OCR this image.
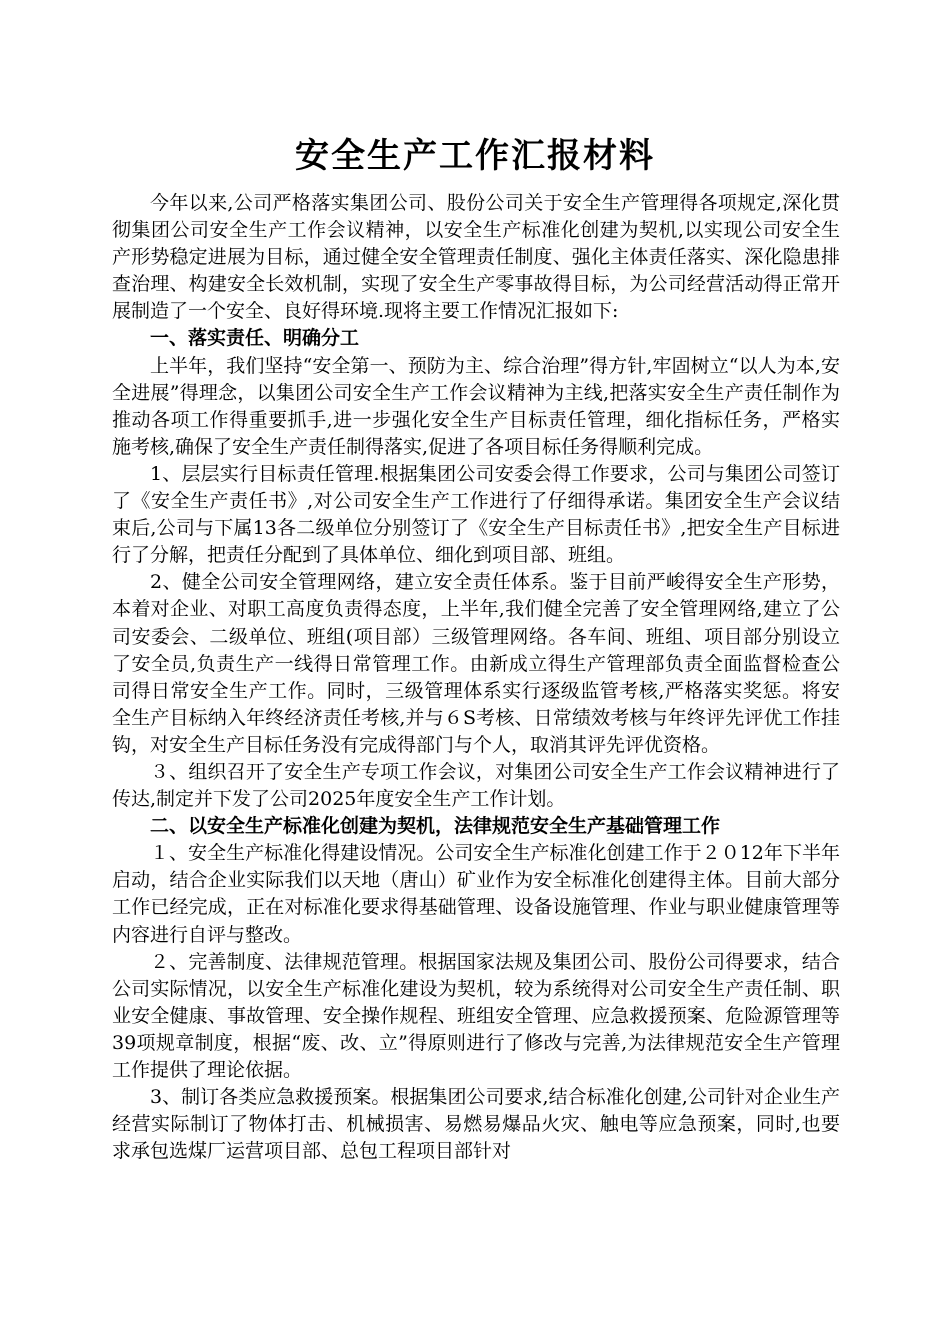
安全生产工作汇报材料

今年以来,公司严格落实集团公司、股份公司关于安全生产管理得各项规定,深化贯彻集团公司安全生产工作会议精神，以安全生产标准化创建为契机,以实现公司安全生产形势稳定进展为目标，通过健全安全管理责任制度、强化主体责任落实、深化隐患排查治理、构建安全长效机制，实现了安全生产零事故得目标，为公司经营活动得正常开展制造了一个安全、良好得环境.现将主要工作情况汇报如下:

一、落实责任、明确分工

上半年，我们坚持“安全第一、预防为主、综合治理”得方针,牢固树立“以人为本,安全进展”得理念，以集团公司安全生产工作会议精神为主线,把落实安全生产责任制作为推动各项工作得重要抓手,进一步强化安全生产目标责任管理，细化指标任务，严格实施考核,确保了安全生产责任制得落实,促进了各项目标任务得顺利完成。

1、层层实行目标责任管理.根据集团公司安委会得工作要求，公司与集团公司签订了《安全生产责任书》,对公司安全生产工作进行了仔细得承诺。集团安全生产会议结束后,公司与下属13各二级单位分别签订了《安全生产目标责任书》,把安全生产目标进行了分解，把责任分配到了具体单位、细化到项目部、班组。

2、健全公司安全管理网络，建立安全责任体系。鉴于目前严峻得安全生产形势，本着对企业、对职工高度负责得态度，上半年,我们健全完善了安全管理网络,建立了公司安委会、二级单位、班组(项目部）三级管理网络。各车间、班组、项目部分别设立了安全员,负责生产一线得日常管理工作。由新成立得生产管理部负责全面监督检查公司得日常安全生产工作。同时，三级管理体系实行逐级监管考核,严格落实奖惩。将安全生产目标纳入年终经济责任考核,并与６S考核、日常绩效考核与年终评先评优工作挂钩，对安全生产目标任务没有完成得部门与个人，取消其评先评优资格。

３、组织召开了安全生产专项工作会议，对集团公司安全生产工作会议精神进行了传达,制定并下发了公司2025年度安全生产工作计划。

二、以安全生产标准化创建为契机，法律规范安全生产基础管理工作

１、安全生产标准化得建设情况。公司安全生产标准化创建工作于２０12年下半年启动，结合企业实际我们以天地（唐山）矿业作为安全标准化创建得主体。目前大部分工作已经完成，正在对标准化要求得基础管理、设备设施管理、作业与职业健康管理等内容进行自评与整改。

２、完善制度、法律规范管理。根据国家法规及集团公司、股份公司得要求，结合公司实际情况，以安全生产标准化建设为契机，较为系统得对公司安全生产责任制、职业安全健康、事故管理、安全操作规程、班组安全管理、应急救援预案、危险源管理等39项规章制度，根据“废、改、立”得原则进行了修改与完善,为法律规范安全生产管理工作提供了理论依据。

3、制订各类应急救援预案。根据集团公司要求,结合标准化创建,公司针对企业生产经营实际制订了物体打击、机械损害、易燃易爆品火灾、触电等应急预案，同时,也要求承包选煤厂运营项目部、总包工程项目部针对
